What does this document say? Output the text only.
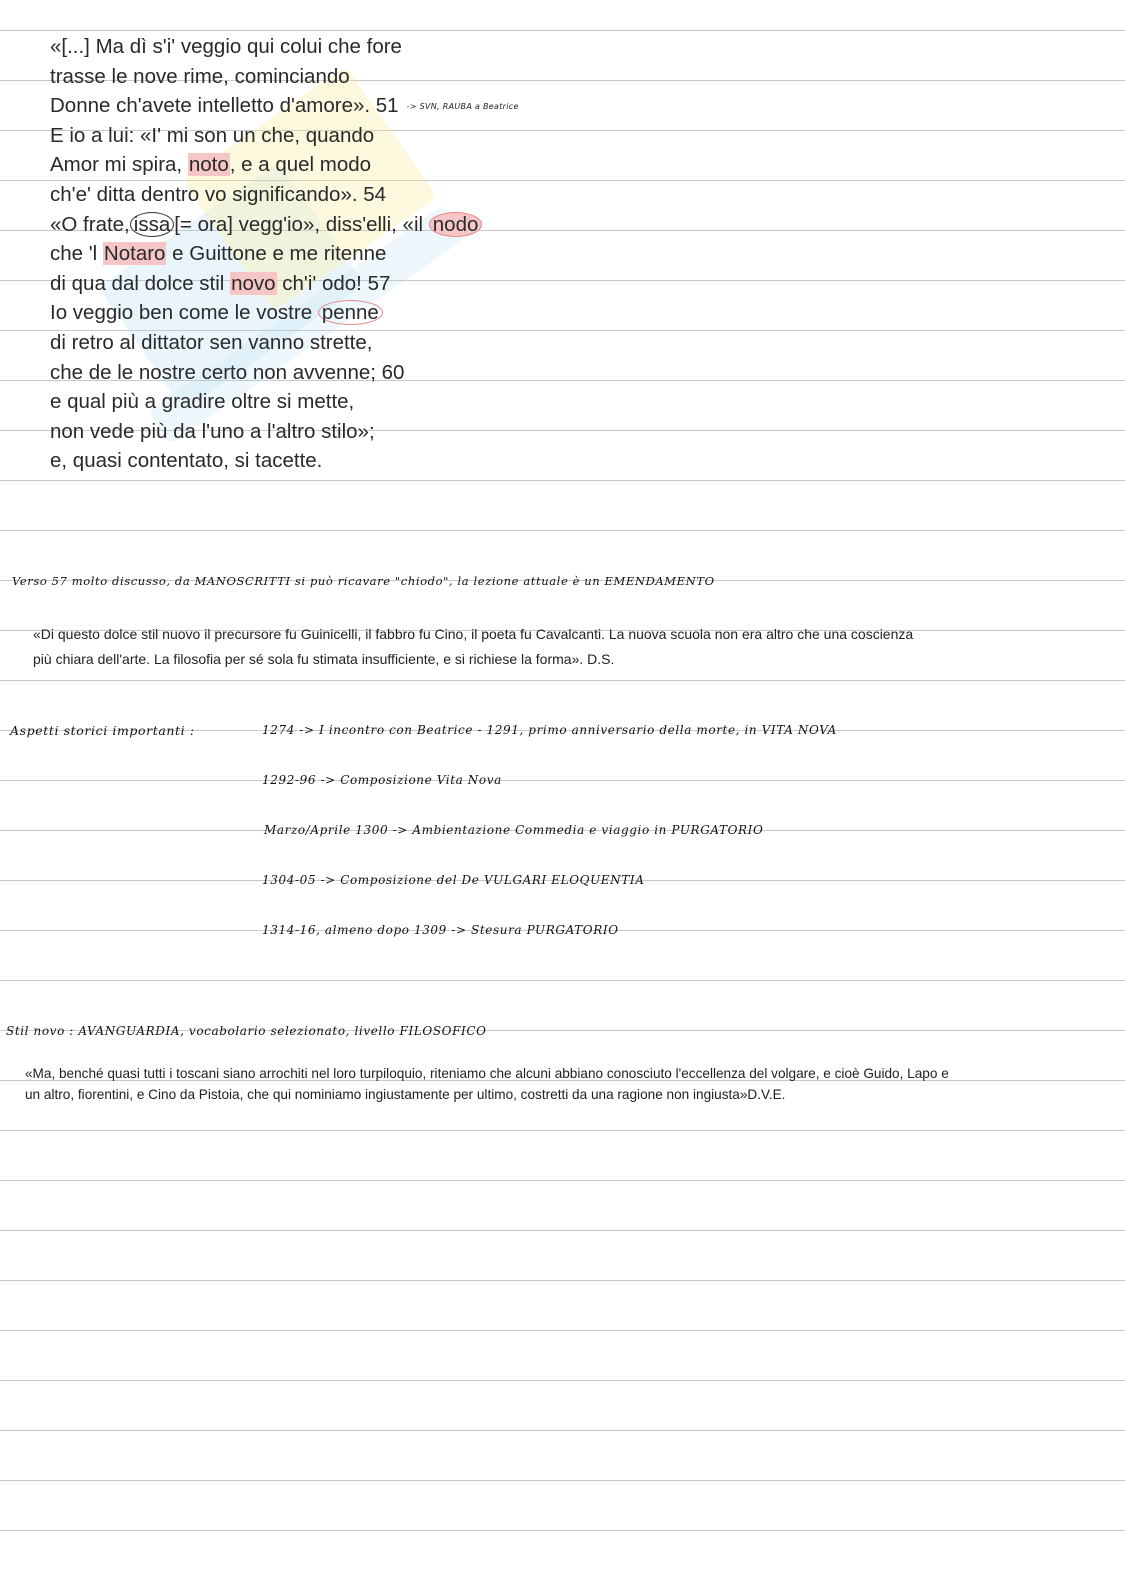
«[...] Ma dì s'i' veggio qui colui che fore
trasse le nove rime, cominciando
Donne ch'avete intelletto d'amore». 51 -> SVN, RAUBA a Beatrice
E io a lui: «I' mi son un che, quando
Amor mi spira, noto, e a quel modo
ch'e' ditta dentro vo significando». 54
«O frate, issa [= ora] vegg'io», diss'elli, «il nodo
che 'l Notaro e Guittone e me ritenne
di qua dal dolce stil novo ch'i' odo! 57
Io veggio ben come le vostre penne
di retro al dittator sen vanno strette,
che de le nostre certo non avvenne; 60
e qual più a gradire oltre si mette,
non vede più da l'uno a l'altro stilo»;
e, quasi contentato, si tacette.
Verso 57 molto discusso, da MANOSCRITTI si può ricavare "chiodo", la lezione attuale è un EMENDAMENTO
«Di questo dolce stil nuovo il precursore fu Guinicelli, il fabbro fu Cino, il poeta fu Cavalcanti. La nuova scuola non era altro che una coscienza
più chiara dell'arte. La filosofia per sé sola fu stimata insufficiente, e si richiese la forma». D.S.
Aspetti storici importanti :	1274 -> I incontro con Beatrice - 1291, primo anniversario della morte, in VITA NOVA
1292-96 -> Composizione Vita Nova
Marzo/Aprile 1300 -> Ambientazione Commedia e viaggio in PURGATORIO
1304-05 -> Composizione del De VULGARI ELOQUENTIA
1314-16, almeno dopo 1309 -> Stesura PURGATORIO
Stil novo : AVANGUARDIA, vocabolario selezionato, livello FILOSOFICO
«Ma, benché quasi tutti i toscani siano arrochiti nel loro turpiloquio, riteniamo che alcuni abbiano conosciuto l'eccellenza del volgare, e cioè Guido, Lapo e
un altro, fiorentini, e Cino da Pistoia, che qui nominiamo ingiustamente per ultimo, costretti da una ragione non ingiusta»D.V.E.
